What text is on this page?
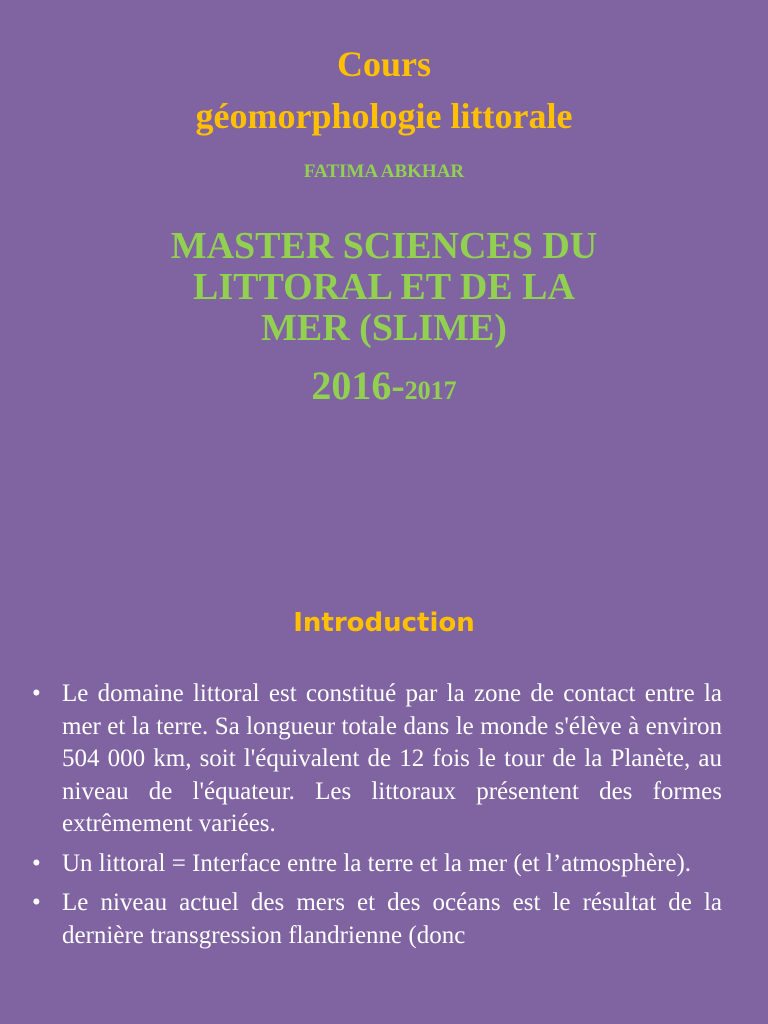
Cours
géomorphologie littorale
FATIMA ABKHAR
MASTER SCIENCES DU
LITTORAL ET DE LA
MER (SLIME)
2016-2017
Introduction
• Le domaine littoral est constitué par la zone de contact entre la mer et la terre. Sa longueur totale dans le monde s'élève à environ 504 000 km, soit l'équivalent de 12 fois le tour de la Planète, au niveau de l'équateur. Les littoraux présentent des formes extrêmement variées.
• Un littoral = Interface entre la terre et la mer (et l’atmosphère).
• Le niveau actuel des mers et des océans est le résultat de la dernière transgression flandrienne (donc
